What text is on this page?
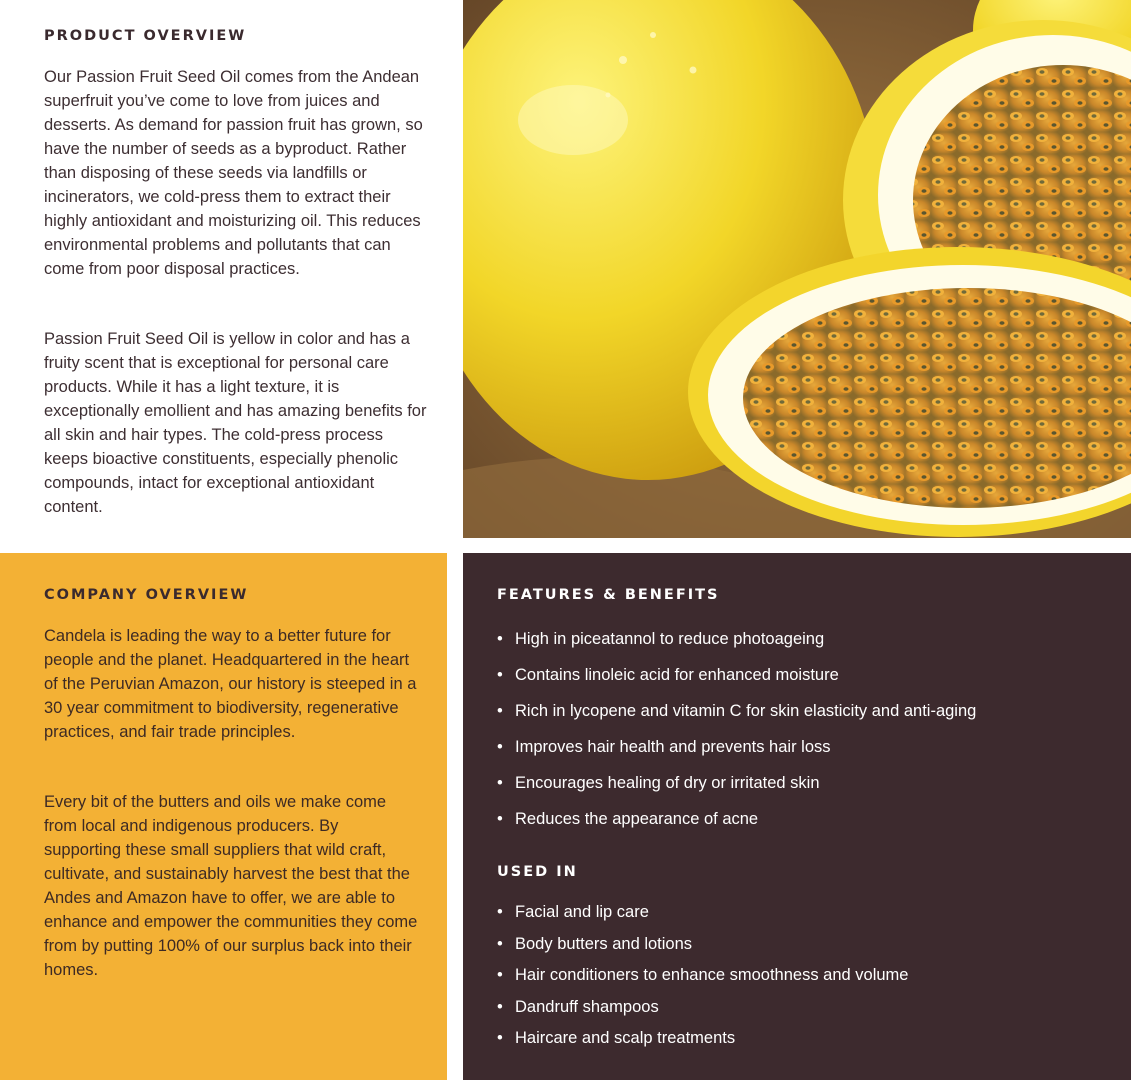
PRODUCT OVERVIEW

Our Passion Fruit Seed Oil comes from the Andean superfruit you’ve come to love from juices and desserts. As demand for passion fruit has grown, so have the number of seeds as a byproduct. Rather than disposing of these seeds via landfills or incinerators, we cold-press them to extract their highly antioxidant and moisturizing oil. This reduces environmental problems and pollutants that can come from poor disposal practices.

Passion Fruit Seed Oil is yellow in color and has a fruity scent that is exceptional for personal care products. While it has a light texture, it is exceptionally emollient and has amazing benefits for all skin and hair types. The cold-press process keeps bioactive constituents, especially phenolic compounds, intact for exceptional antioxidant content.

COMPANY OVERVIEW

Candela is leading the way to a better future for people and the planet. Headquartered in the heart of the Peruvian Amazon, our history is steeped in a 30 year commitment to biodiversity, regenerative practices, and fair trade principles.

Every bit of the butters and oils we make come from local and indigenous producers. By supporting these small suppliers that wild craft, cultivate, and sustainably harvest the best that the Andes and Amazon have to offer, we are able to enhance and empower the communities they come from by putting 100% of our surplus back into their homes.

FEATURES & BENEFITS
• High in piceatannol to reduce photoageing
• Contains linoleic acid for enhanced moisture
• Rich in lycopene and vitamin C for skin elasticity and anti-aging
• Improves hair health and prevents hair loss
• Encourages healing of dry or irritated skin
• Reduces the appearance of acne
USED IN
• Facial and lip care
• Body butters and lotions
• Hair conditioners to enhance smoothness and volume
• Dandruff shampoos
• Haircare and scalp treatments
